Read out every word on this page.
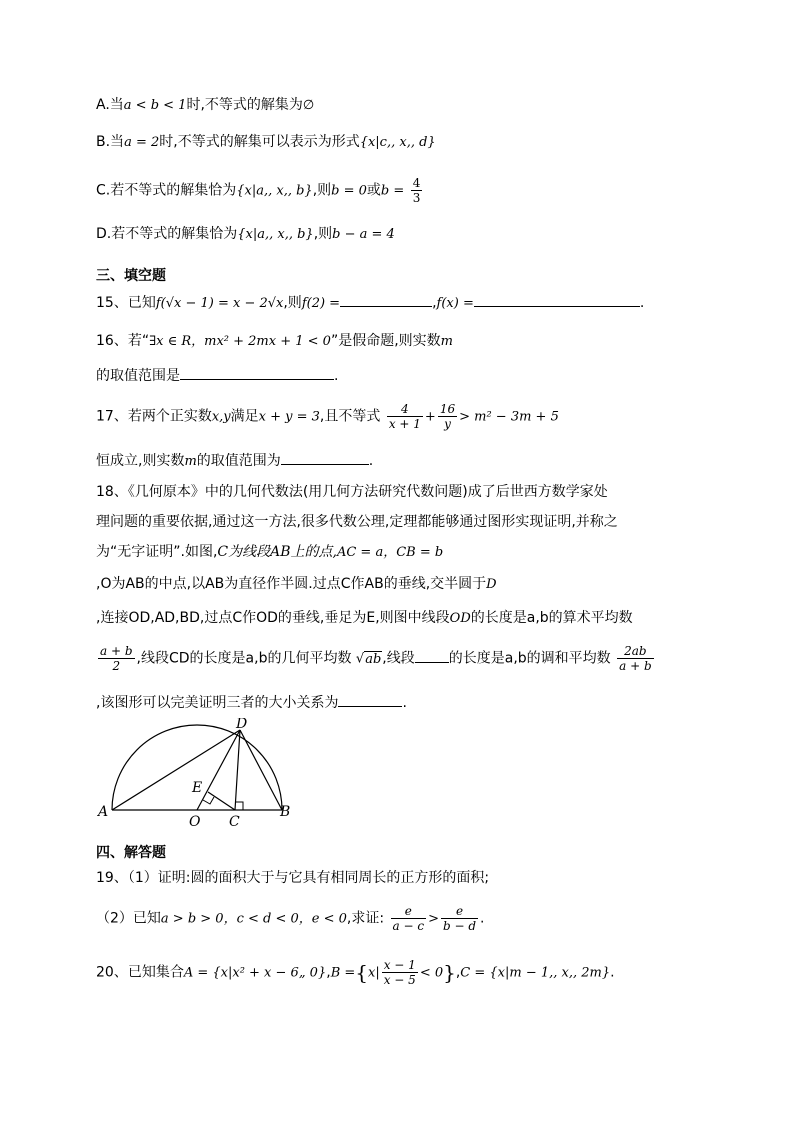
A.当a < b < 1时,不等式的解集为∅
B.当a = 2时,不等式的解集可以表示为形式{x|c,, x,, d}
C.若不等式的解集恰为{x|a,, x,, b},则b = 0或$b = \frac{4}{3}$
D.若不等式的解集恰为{x|a,, x,, b},则b − a = 4
三、填空题
15、已知f(√x − 1) = x − 2√x,则f(2) =	,f(x) =	.
16、若“∃x ∈ R，mx² + 2mx + 1 < 0”是假命题,则实数m
的取值范围是	.
17、若两个正实数x,y满足x + y = 3,且不等式 $\frac{4}{x + 1} + \frac{16}{y} > m^2 - 3m + 5$
恒成立,则实数m的取值范围为	.
18、《几何原本》中的几何代数法(用几何方法研究代数问题)成了后世西方数学家处
理问题的重要依据,通过这一方法,很多代数公理,定理都能够通过图形实现证明,并称之
为“无字证明”.如图,C为线段AB上的点,AC = a，CB = b
,O为AB的中点,以AB为直径作半圆.过点C作AB的垂线,交半圆于D
,连接OD,AD,BD,过点C作OD的垂线,垂足为E,则图中线段OD的长度是a,b的算术平均数
$\frac{a + b}{2}$ ,线段CD的长度是a,b的几何平均数 √ab,线段 的长度是a,b的调和平均数 $\frac{2ab}{a + b}$
,该图形可以完美证明三者的大小关系为	.
D
E
A
O C
B
四、解答题
19、（1）证明:圆的面积大于与它具有相同周长的正方形的面积;
（2）已知a > b > 0，c < d < 0，e < 0,求证: $\frac{e}{a - c} > \frac{e}{b - d}$ .
20、已知集合A = {x|x² + x − 6„ $0\},B =\{x| \frac{x - 1}{x - 5} < 0\},C = \{x|m - 1$,, x,, 2m}.
